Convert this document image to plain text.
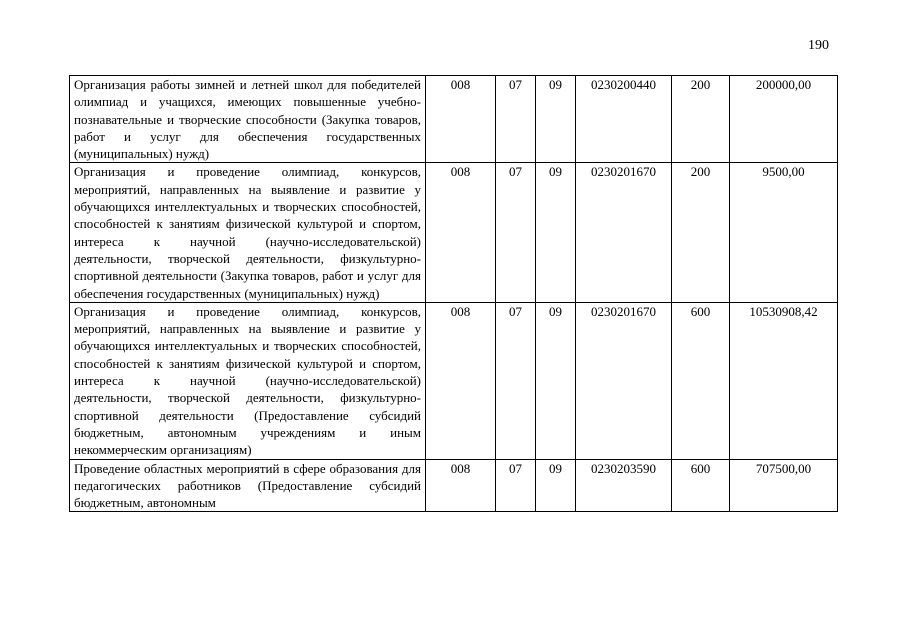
190
Организация работы зимней и летней школ для победителей олимпиад и учащихся, имеющих повышенные учебно-познавательные и творческие способности (Закупка товаров, работ и услуг для обеспечения государственных (муниципальных) нужд)	008	07	09	0230200440	200	200000,00
Организация и проведение олимпиад, конкурсов, мероприятий, направленных на выявление и развитие у обучающихся интеллектуальных и творческих способностей, способностей к занятиям физической культурой и спортом, интереса к научной (научно-исследовательской) деятельности, творческой деятельности, физкультурно-спортивной деятельности (Закупка товаров, работ и услуг для обеспечения государственных (муниципальных) нужд)	008	07	09	0230201670	200	9500,00
Организация и проведение олимпиад, конкурсов, мероприятий, направленных на выявление и развитие у обучающихся интеллектуальных и творческих способностей, способностей к занятиям физической культурой и спортом, интереса к научной (научно-исследовательской) деятельности, творческой деятельности, физкультурно-спортивной деятельности (Предоставление субсидий бюджетным, автономным учреждениям и иным некоммерческим организациям)	008	07	09	0230201670	600	10530908,42

Проведение областных мероприятий в сфере образования для педагогических работников (Предоставление субсидий бюджетным, автономным	008	07	09	0230203590	600	707500,00
